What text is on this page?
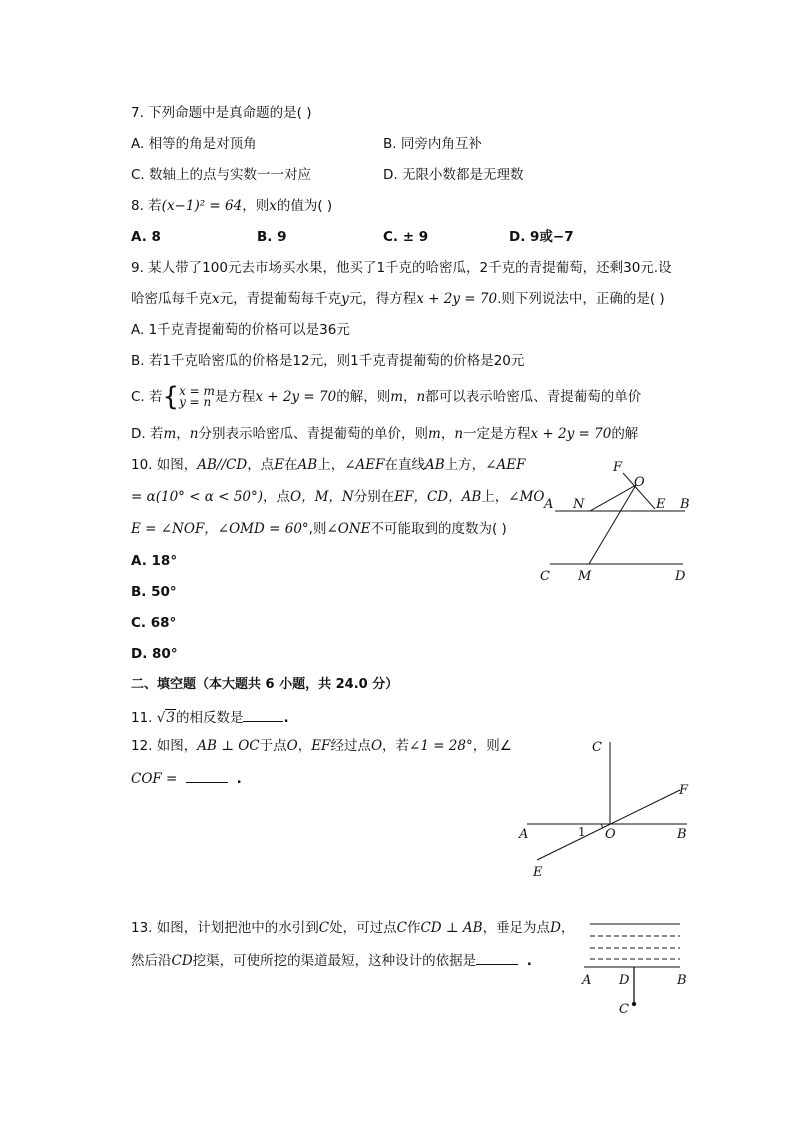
7. 下列命题中是真命题的是( )
A. 相等的角是对顶角	B. 同旁内角互补
C. 数轴上的点与实数一一对应	D. 无限小数都是无理数
8. 若(x−1)² = 64，则x的值为( )
A. 8	B. 9	C. ± 9	D. 9或−7
9. 某人带了100元去市场买水果，他买了1千克的哈密瓜，2千克的青提葡萄，还剩30元.设
哈密瓜每千克x元，青提葡萄每千克y元，得方程x + 2y = 70.则下列说法中，正确的是( )
A. 1千克青提葡萄的价格可以是36元
B. 若1千克哈密瓜的价格是12元，则1千克青提葡萄的价格是20元
C. 若{x = m
y = n 是方程x + 2y = 70的解，则m，n都可以表示哈密瓜、青提葡萄的单价
D. 若m，n分别表示哈密瓜、青提葡萄的单价，则m，n一定是方程x + 2y = 70的解
10. 如图，AB//CD，点E在AB上，∠AEF在直线AB上方，∠AEF
= α(10° < α < 50°)，点O，M，N分别在EF，CD，AB上，∠MO
E = ∠NOF，∠OMD = 60°,则∠ONE不可能取到的度数为( )
A. 18°
B. 50°
C. 68°
D. 80°
F
O
A N	E B
C M	D
二、填空题（本大题共 6 小题，共 24.0 分）
11. √3的相反数是	.
12. 如图，AB ⊥ OC于点O，EF经过点O，若∠1 = 28°，则∠
COF =	.
C
F
A	1 O	B
E
13. 如图，计划把池中的水引到C处，可过点C作CD ⊥ AB，垂足为点D，
然后沿CD挖渠，可使所挖的渠道最短，这种设计的依据是	.
A D	B
C
